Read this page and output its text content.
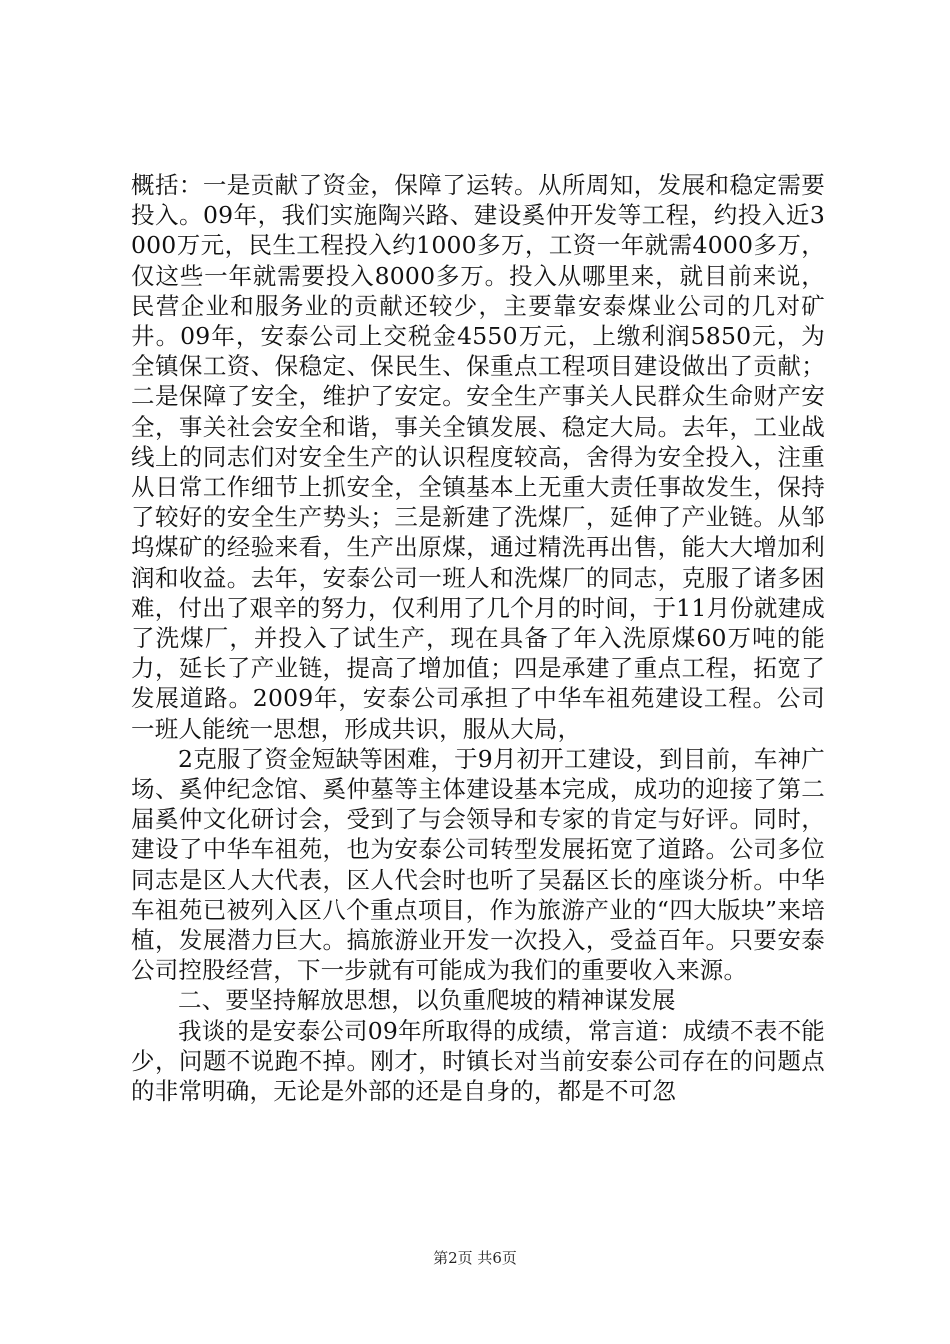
概括：一是贡献了资金，保障了运转。从所周知，发展和稳定需要投入。09年，我们实施陶兴路、建设奚仲开发等工程，约投入近3000万元，民生工程投入约1000多万，工资一年就需4000多万，仅这些一年就需要投入8000多万。投入从哪里来，就目前来说，民营企业和服务业的贡献还较少，主要靠安泰煤业公司的几对矿井。09年，安泰公司上交税金4550万元，上缴利润5850元，为全镇保工资、保稳定、保民生、保重点工程项目建设做出了贡献；二是保障了安全，维护了安定。安全生产事关人民群众生命财产安全，事关社会安全和谐，事关全镇发展、稳定大局。去年，工业战线上的同志们对安全生产的认识程度较高，舍得为安全投入，注重从日常工作细节上抓安全，全镇基本上无重大责任事故发生，保持了较好的安全生产势头；三是新建了洗煤厂，延伸了产业链。从邹坞煤矿的经验来看，生产出原煤，通过精洗再出售，能大大增加利润和收益。去年，安泰公司一班人和洗煤厂的同志，克服了诸多困难，付出了艰辛的努力，仅利用了几个月的时间，于11月份就建成了洗煤厂，并投入了试生产，现在具备了年入洗原煤60万吨的能力，延长了产业链，提高了增加值；四是承建了重点工程，拓宽了发展道路。2009年，安泰公司承担了中华车祖苑建设工程。公司一班人能统一思想，形成共识，服从大局，

2克服了资金短缺等困难，于9月初开工建设，到目前，车神广场、奚仲纪念馆、奚仲墓等主体建设基本完成，成功的迎接了第二届奚仲文化研讨会，受到了与会领导和专家的肯定与好评。同时，建设了中华车祖苑，也为安泰公司转型发展拓宽了道路。公司多位同志是区人大代表，区人代会时也听了吴磊区长的座谈分析。中华车祖苑已被列入区八个重点项目，作为旅游产业的“四大版块”来培植，发展潜力巨大。搞旅游业开发一次投入，受益百年。只要安泰公司控股经营，下一步就有可能成为我们的重要收入来源。

二、要坚持解放思想，以负重爬坡的精神谋发展

我谈的是安泰公司09年所取得的成绩，常言道：成绩不表不能少，问题不说跑不掉。刚才，时镇长对当前安泰公司存在的问题点的非常明确，无论是外部的还是自身的，都是不可忽

第2页 共6页
